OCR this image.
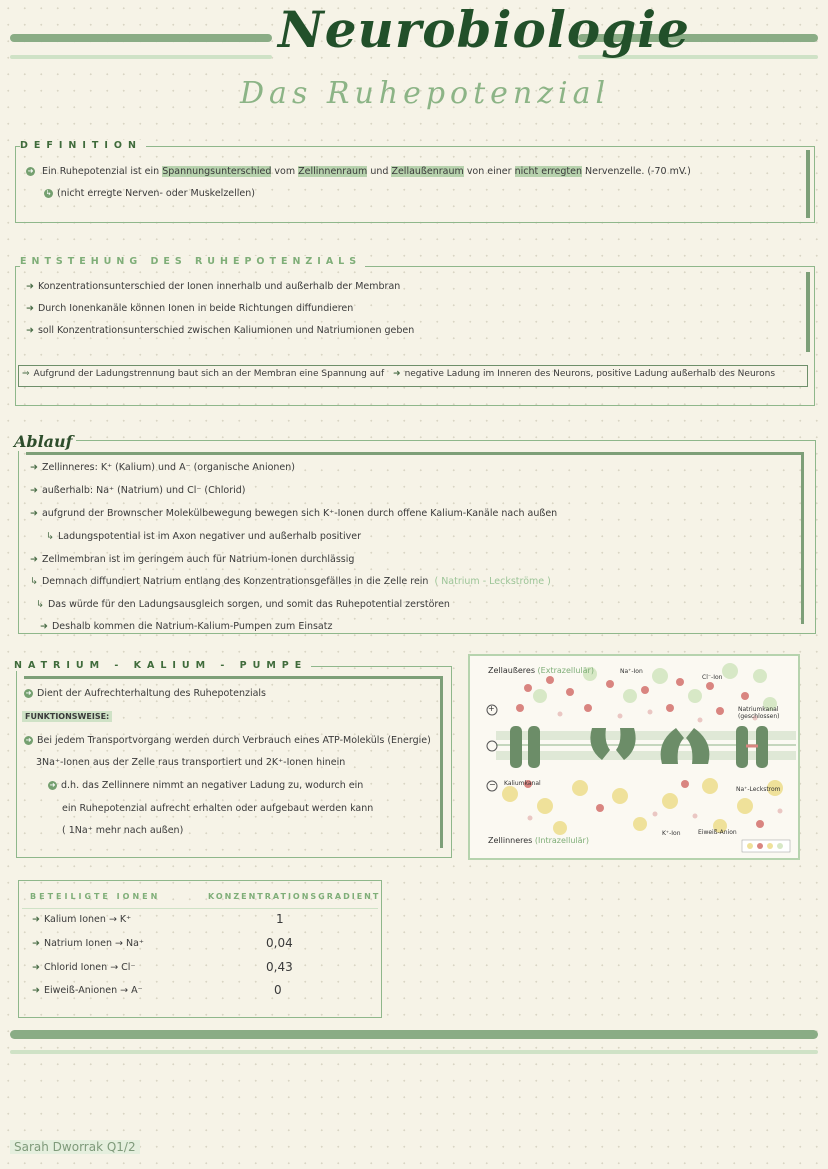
Neurobiologie
Das Ruhepotenzial
DEFINITION
➜ Ein Ruhepotenzial ist ein Spannungsunterschied vom Zellinnenraum und Zellaußenraum von einer nicht erregten Nervenzelle. (-70 mV.)
↳ (nicht erregte Nerven- oder Muskelzellen)
ENTSTEHUNG DES RUHEPOTENZIALS
➜ Konzentrationsunterschied der Ionen innerhalb und außerhalb der Membran
➜ Durch Ionenkanäle können Ionen in beide Richtungen diffundieren
➜ soll Konzentrationsunterschied zwischen Kaliumionen und Natriumionen geben
⇒ Aufgrund der Ladungstrennung baut sich an der Membran eine Spannung auf ➜ negative Ladung im Inneren des Neurons, positive Ladung außerhalb des Neurons
Ablauf
➜ Zellinneres: K⁺ (Kalium) und A⁻ (organische Anionen)
➜ außerhalb: Na⁺ (Natrium) und Cl⁻ (Chlorid)
➜ aufgrund der Brownscher Molekülbewegung bewegen sich K⁺-Ionen durch offene Kalium-Kanäle nach außen
↳ Ladungspotential ist im Axon negativer und außerhalb positiver
➜ Zellmembran ist im geringem auch für Natrium-Ionen durchlässig
↳ Demnach diffundiert Natrium entlang des Konzentrationsgefälles in die Zelle rein ( Natrium - Leckströme )
↳ Das würde für den Ladungsausgleich sorgen, und somit das Ruhepotential zerstören
➜ Deshalb kommen die Natrium-Kalium-Pumpen zum Einsatz
NATRIUM - KALIUM - PUMPE
➜ Dient der Aufrechterhaltung des Ruhepotenzials
FUNKTIONSWEISE:
➜ Bei jedem Transportvorgang werden durch Verbrauch eines ATP-Moleküls (Energie)
3Na⁺-Ionen aus der Zelle raus transportiert und 2K⁺-Ionen hinein
➜ d.h. das Zellinnere nimmt an negativer Ladung zu, wodurch ein
ein Ruhepotenzial aufrecht erhalten oder aufgebaut werden kann
( 1Na⁺ mehr nach außen)
Zellaußeres (Extrazellulär)	Na⁺-Ion
Cl⁻-Ion
Natriumkanal (geschlossen)
Kaliumkanal
Na⁺-Leckstrom
K⁺-Ion	Eiweiß-Anion
+
−
Zellinneres (Intrazellulär)
BETEILIGTE IONEN	KONZENTRATIONSGRADIENT
➜ Kalium Ionen → K⁺	1
➜ Natrium Ionen → Na⁺	0,04
➜ Chlorid Ionen → Cl⁻	0,43
➜ Eiweiß-Anionen → A⁻	0
Sarah Dworrak Q1/2
